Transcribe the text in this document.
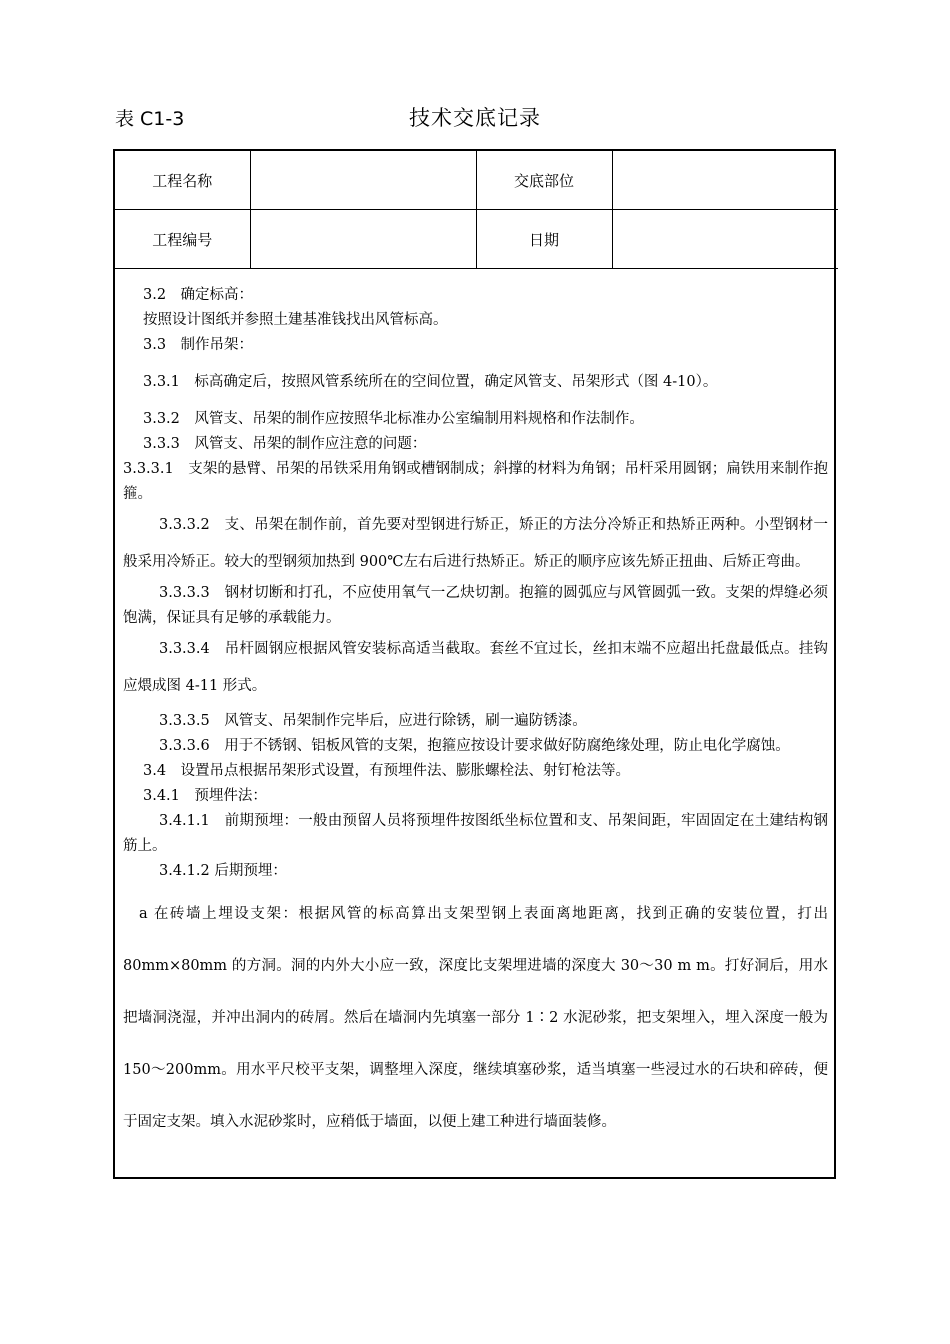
表 C1-3	技术交底记录
工程名称		交底部位	
工程编号		日期	

3.2　确定标高：

按照设计图纸并参照土建基准钱找出风管标高。

3.3　制作吊架：

3.3.1　标高确定后，按照风管系统所在的空间位置，确定风管支、吊架形式（图 4-10）。

3.3.2　风管支、吊架的制作应按照华北标准办公室编制用料规格和作法制作。

3.3.3　风管支、吊架的制作应注意的问题：

3.3.3.1　支架的悬臂、吊架的吊铁采用角钢或槽钢制成；斜撑的材料为角钢；吊杆采用圆钢；扁铁用来制作抱箍。

3.3.3.2　支、吊架在制作前，首先要对型钢进行矫正，矫正的方法分冷矫正和热矫正两种。小型钢材一般采用冷矫正。较大的型钢须加热到 900℃左右后进行热矫正。矫正的顺序应该先矫正扭曲、后矫正弯曲。

3.3.3.3　钢材切断和打孔，不应使用氧气一乙炔切割。抱箍的圆弧应与风管圆弧一致。支架的焊缝必须饱满，保证具有足够的承载能力。

3.3.3.4　吊杆圆钢应根据风管安装标高适当截取。套丝不宜过长，丝扣末端不应超出托盘最低点。挂钩应煨成图 4-11 形式。

3.3.3.5　风管支、吊架制作完毕后，应进行除锈，刷一遍防锈漆。

3.3.3.6　用于不锈钢、铝板风管的支架，抱箍应按设计要求做好防腐绝缘处理，防止电化学腐蚀。

3.4　设置吊点根据吊架形式设置，有预埋件法、膨胀螺栓法、射钉枪法等。

3.4.1　预埋件法：

3.4.1.1　前期预埋：一般由预留人员将预埋件按图纸坐标位置和支、吊架间距，牢固固定在土建结构钢筋上。

3.4.1.2 后期预埋：

a 在砖墙上埋设支架：根据风管的标高算出支架型钢上表面离地距离，找到正确的安装位置，打出 80mm×80mm 的方洞。洞的内外大小应一致，深度比支架埋进墙的深度大 30～30 m m。打好洞后，用水把墙洞浇湿，并冲出洞内的砖屑。然后在墙洞内先填塞一部分 1∶2 水泥砂浆，把支架埋入，埋入深度一般为 150～200mm。用水平尺校平支架，调整埋入深度，继续填塞砂浆，适当填塞一些浸过水的石块和碎砖，便于固定支架。填入水泥砂浆时，应稍低于墙面，以便上建工种进行墙面装修。
